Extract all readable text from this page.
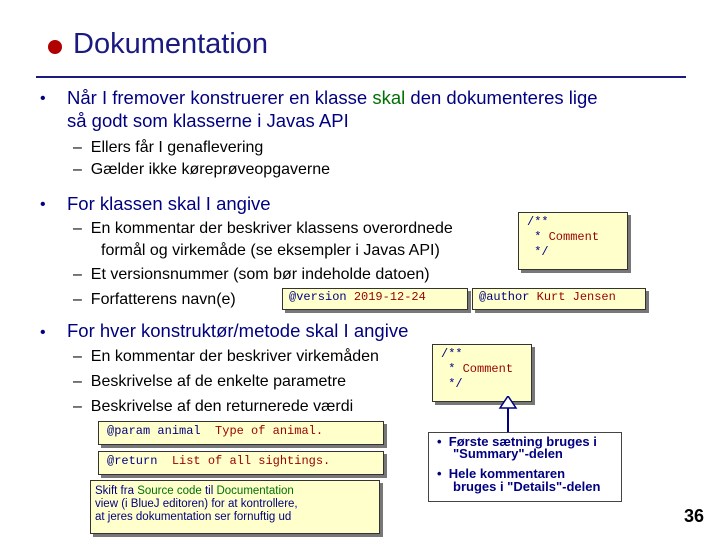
Dokumentation
• Når I fremover konstruerer en klasse skal den dokumenteres lige
så godt som klasserne i Javas API
–  Ellers får I genaflevering
–  Gælder ikke køreprøveopgaverne
• For klassen skal I angive
–  En kommentar der beskriver klassens overordnede
formål og virkemåde (se eksempler i Javas API)
–  Et versionsnummer (som bør indeholde datoen)
–  Forfatterens navn(e)
/**
* Comment
*/
@version 2019-12-24	@author Kurt Jensen
• For hver konstruktør/metode skal I angive
–  En kommentar der beskriver virkemåden
–  Beskrivelse af de enkelte parametre
–  Beskrivelse af den returnerede værdi
/**
* Comment
*/
@param animal Type of animal.
@return List of all sightings.
Skift fra Source code til Documentation
view (i BlueJ editoren) for at kontrollere,
at jeres dokumentation ser fornuftig ud
•  Første sætning bruges i
"Summary"-delen
•  Hele kommentaren
bruges i "Details"-delen
36
